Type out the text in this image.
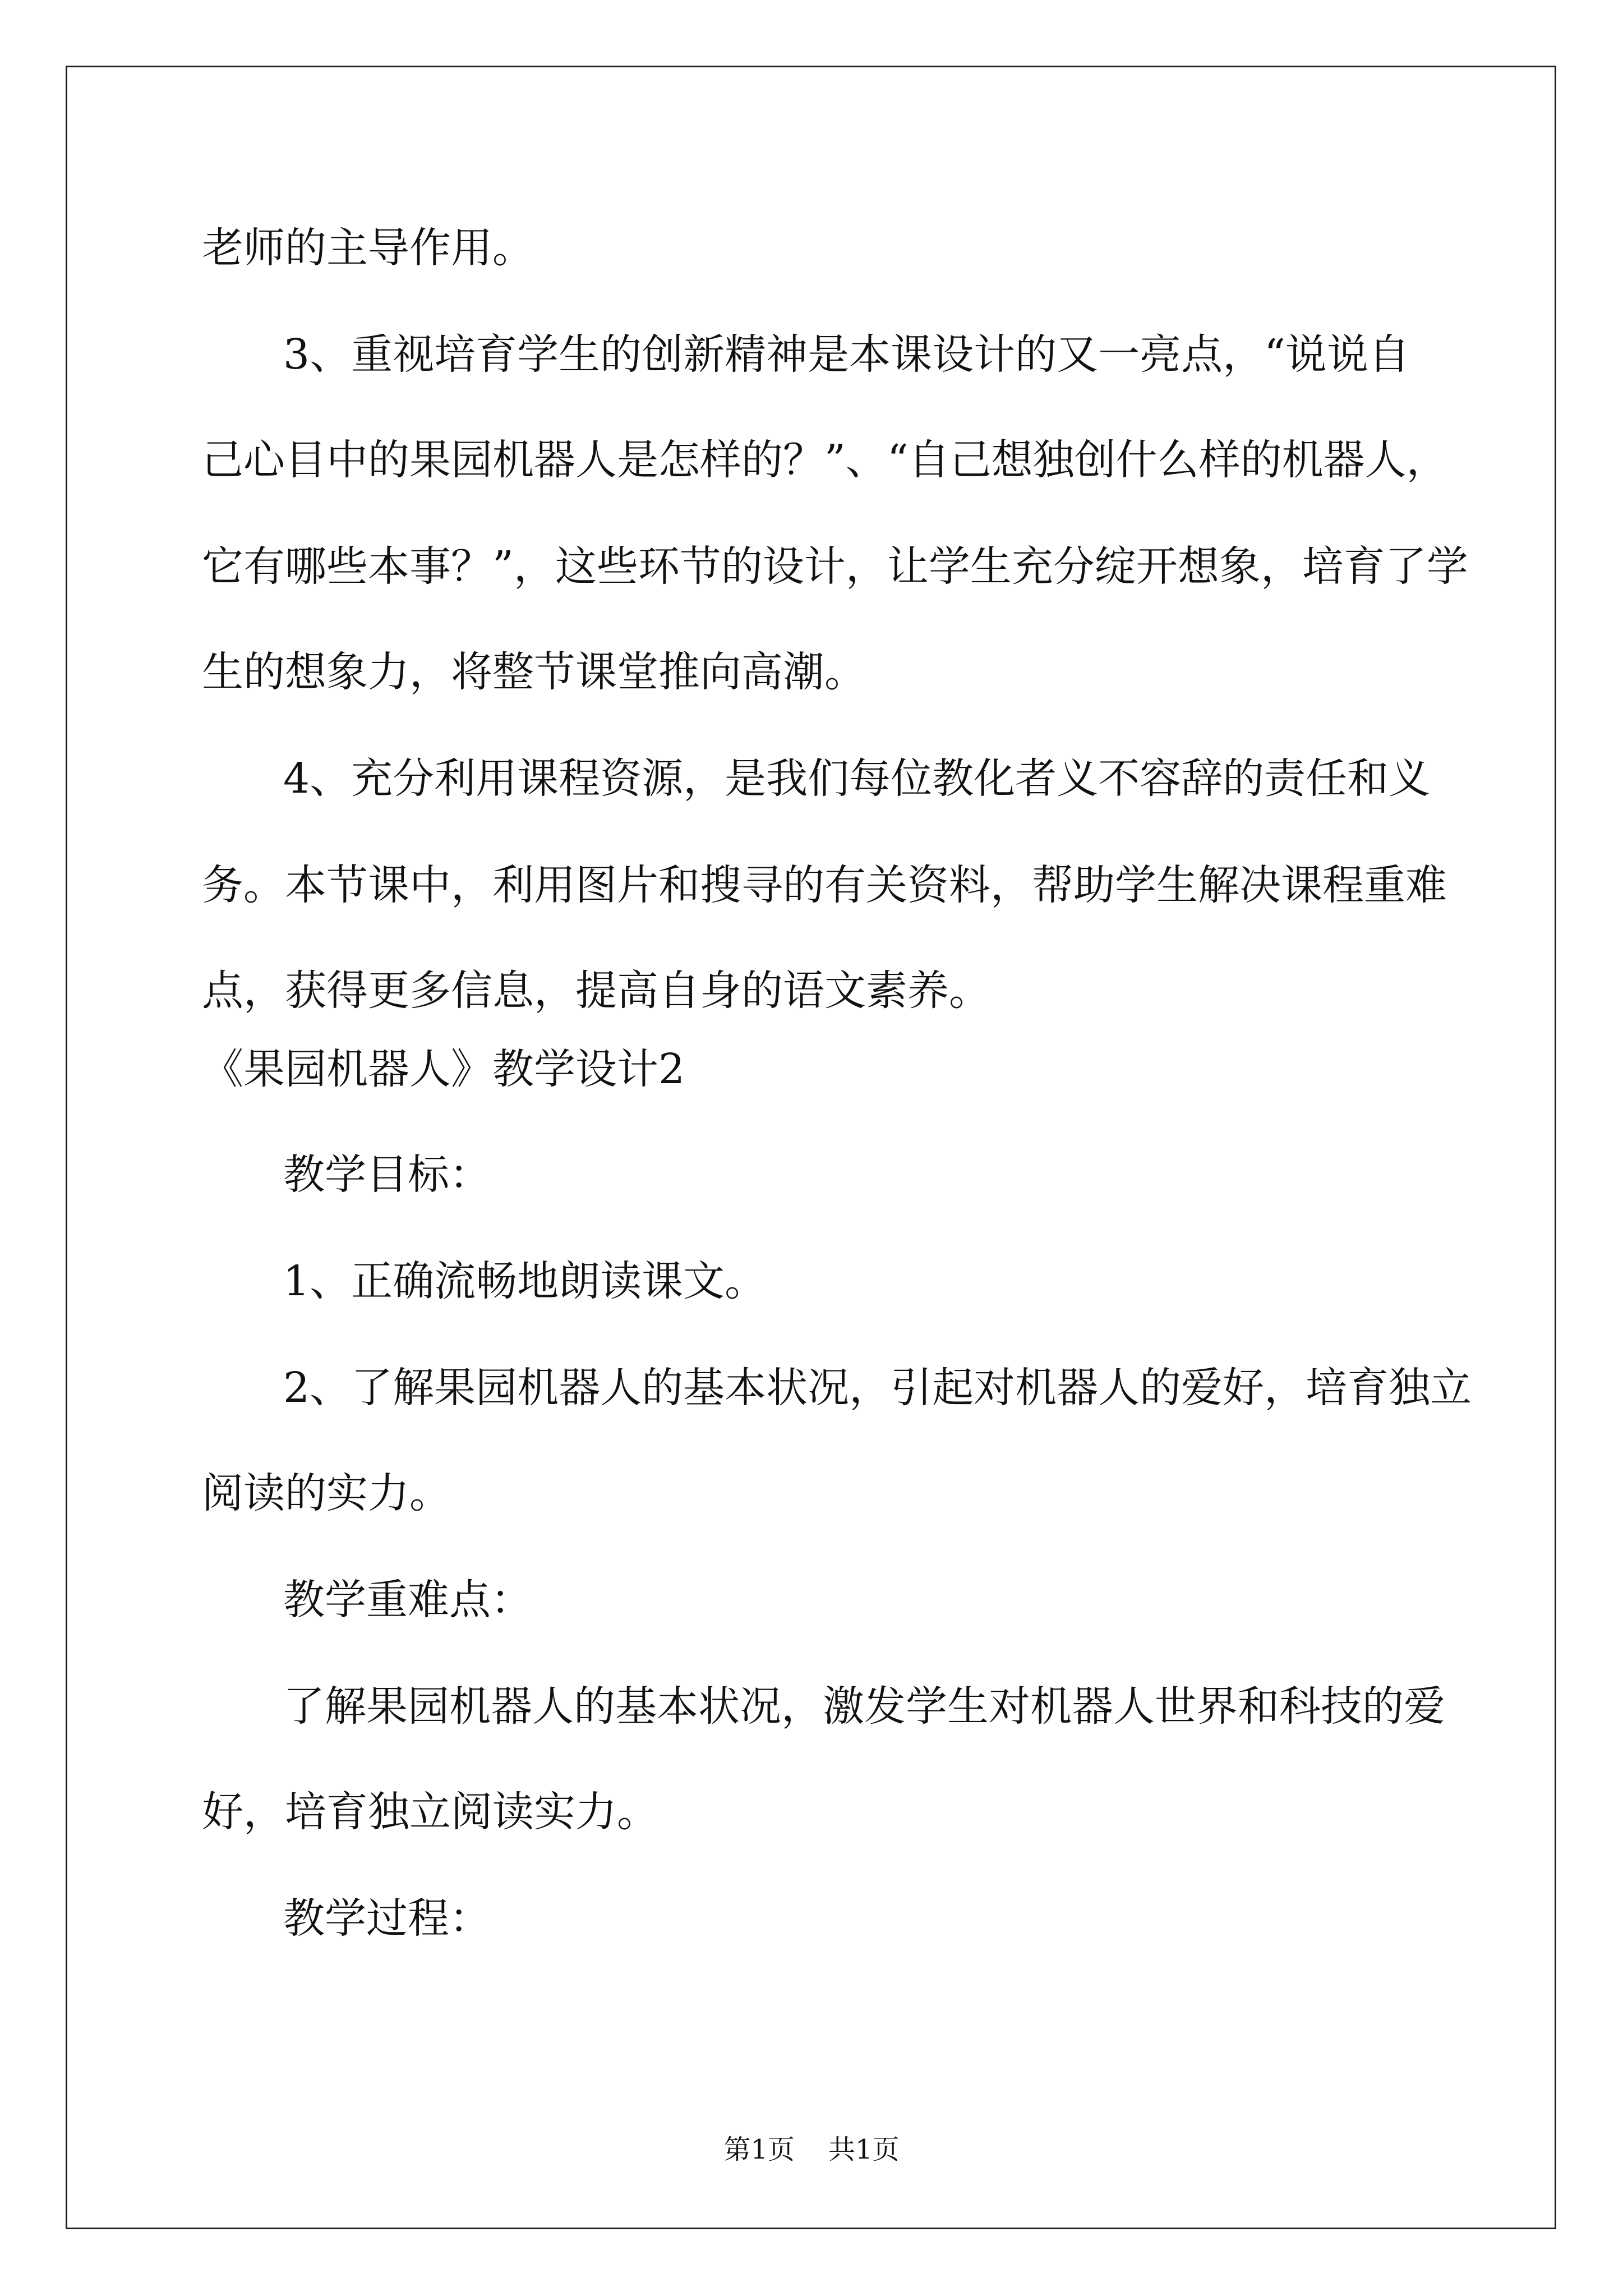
老师的主导作用。
3、重视培育学生的创新精神是本课设计的又一亮点，“说说自
己心目中的果园机器人是怎样的？”、“自己想独创什么样的机器人，
它有哪些本事？”，这些环节的设计，让学生充分绽开想象，培育了学
生的想象力，将整节课堂推向高潮。
4、充分利用课程资源，是我们每位教化者义不容辞的责任和义
务。本节课中，利用图片和搜寻的有关资料，帮助学生解决课程重难
点，获得更多信息，提高自身的语文素养。
《果园机器人》教学设计2
教学目标：
1、正确流畅地朗读课文。
2、了解果园机器人的基本状况，引起对机器人的爱好，培育独立
阅读的实力。
教学重难点：
了解果园机器人的基本状况，激发学生对机器人世界和科技的爱
好，培育独立阅读实力。
教学过程：
第1页 共1页
